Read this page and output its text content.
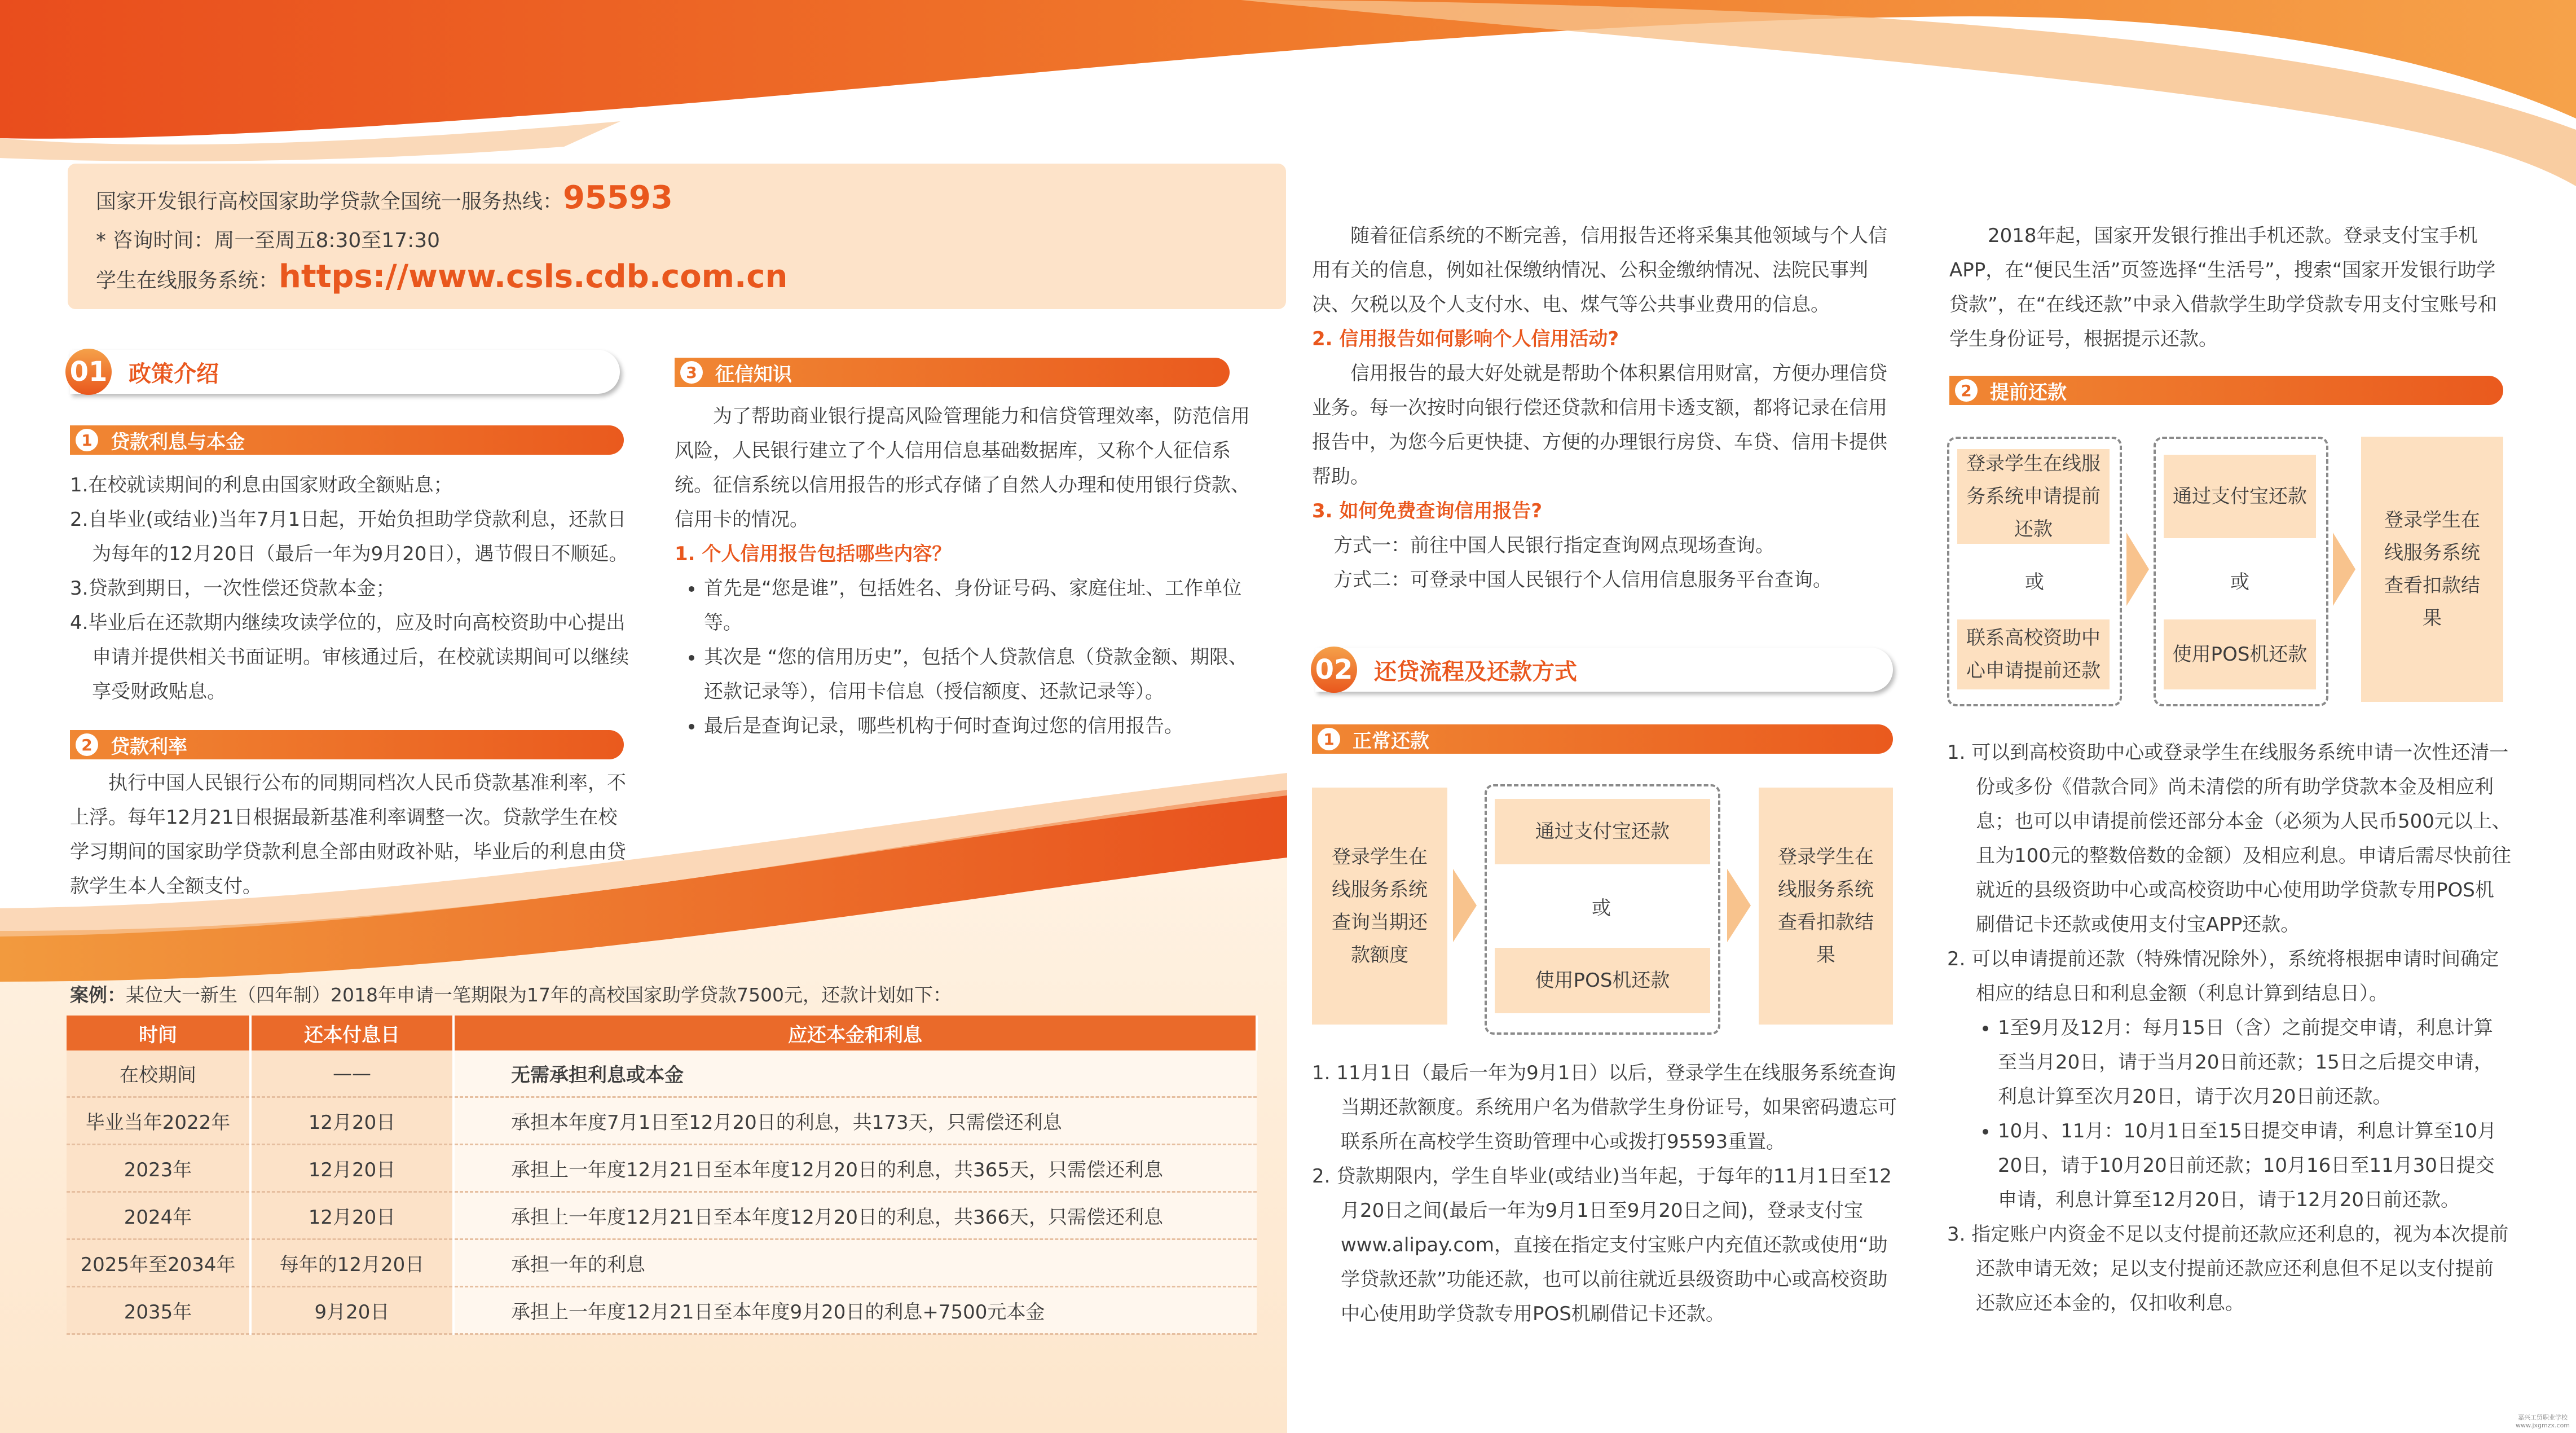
国家开发银行高校国家助学贷款全国统一服务热线：95593
* 咨询时间：周一至周五8:30至17:30
学生在线服务系统：https://www.csls.cdb.com.cn
01 政策介绍
1 贷款利息与本金

1.在校就读期间的利息由国家财政全额贴息；

2.自毕业(或结业)当年7月1日起，开始负担助学贷款利息，还款日为每年的12月20日（最后一年为9月20日），遇节假日不顺延。

3.贷款到期日，一次性偿还贷款本金；

4.毕业后在还款期内继续攻读学位的，应及时向高校资助中心提出申请并提供相关书面证明。审核通过后，在校就读期间可以继续享受财政贴息。

2 贷款利率

执行中国人民银行公布的同期同档次人民币贷款基准利率，不上浮。每年12月21日根据最新基准利率调整一次。贷款学生在校学习期间的国家助学贷款利息全部由财政补贴，毕业后的利息由贷款学生本人全额支付。

3 征信知识

为了帮助商业银行提高风险管理能力和信贷管理效率，防范信用风险，人民银行建立了个人信用信息基础数据库，又称个人征信系统。征信系统以信用报告的形式存储了自然人办理和使用银行贷款、信用卡的情况。

1. 个人信用报告包括哪些内容？

• 首先是“您是谁”，包括姓名、身份证号码、家庭住址、工作单位等。
• 其次是 “您的信用历史”，包括个人贷款信息（贷款金额、期限、还款记录等），信用卡信息（授信额度、还款记录等）。
• 最后是查询记录，哪些机构于何时查询过您的信用报告。

随着征信系统的不断完善，信用报告还将采集其他领域与个人信用有关的信息，例如社保缴纳情况、公积金缴纳情况、法院民事判决、欠税以及个人支付水、电、煤气等公共事业费用的信息。

2. 信用报告如何影响个人信用活动?

信用报告的最大好处就是帮助个体积累信用财富，方便办理信贷业务。每一次按时向银行偿还贷款和信用卡透支额，都将记录在信用报告中，为您今后更快捷、方便的办理银行房贷、车贷、信用卡提供帮助。

3. 如何免费查询信用报告?

方式一：前往中国人民银行指定查询网点现场查询。

方式二：可登录中国人民银行个人信用信息服务平台查询。

案例：某位大一新生（四年制）2018年申请一笔期限为17年的高校国家助学贷款7500元，还款计划如下：
时间	还本付息日	应还本金和利息
在校期间	——	无需承担利息或本金
毕业当年2022年	12月20日	承担本年度7月1日至12月20日的利息，共173天，只需偿还利息
2023年	12月20日	承担上一年度12月21日至本年度12月20日的利息，共365天，只需偿还利息
2024年	12月20日	承担上一年度12月21日至本年度12月20日的利息，共366天，只需偿还利息
2025年至2034年	每年的12月20日	承担一年的利息
2035年	9月20日	承担上一年度12月21日至本年度9月20日的利息+7500元本金
02 还贷流程及还款方式
1 正常还款
登录学生在线服务系统查询当期还款额度
通过支付宝还款
或
使用POS机还款
登录学生在线服务系统查看扣款结果

1. 11月1日（最后一年为9月1日）以后，登录学生在线服务系统查询当期还款额度。系统用户名为借款学生身份证号，如果密码遗忘可联系所在高校学生资助管理中心或拨打95593重置。

2. 贷款期限内，学生自毕业(或结业)当年起，于每年的11月1日至12月20日之间(最后一年为9月1日至9月20日之间)，登录支付宝www.alipay.com，直接在指定支付宝账户内充值还款或使用“助学贷款还款”功能还款，也可以前往就近县级资助中心或高校资助中心使用助学贷款专用POS机刷借记卡还款。

2018年起，国家开发银行推出手机还款。登录支付宝手机APP，在“便民生活”页签选择“生活号”，搜索“国家开发银行助学贷款”，在“在线还款”中录入借款学生助学贷款专用支付宝账号和学生身份证号，根据提示还款。

2 提前还款
登录学生在线服务系统申请提前还款
或
联系高校资助中心申请提前还款
通过支付宝还款
或
使用POS机还款
登录学生在线服务系统查看扣款结果

1. 可以到高校资助中心或登录学生在线服务系统申请一次性还清一份或多份《借款合同》尚未清偿的所有助学贷款本金及相应利息；也可以申请提前偿还部分本金（必须为人民币500元以上、且为100元的整数倍数的金额）及相应利息。申请后需尽快前往就近的县级资助中心或高校资助中心使用助学贷款专用POS机刷借记卡还款或使用支付宝APP还款。

2. 可以申请提前还款（特殊情况除外），系统将根据申请时间确定相应的结息日和利息金额（利息计算到结息日）。

• 1至9月及12月：每月15日（含）之前提交申请，利息计算至当月20日，请于当月20日前还款；15日之后提交申请，利息计算至次月20日，请于次月20日前还款。
• 10月、11月：10月1日至15日提交申请，利息计算至10月20日，请于10月20日前还款；10月16日至11月30日提交申请，利息计算至12月20日，请于12月20日前还款。

3. 指定账户内资金不足以支付提前还款应还利息的，视为本次提前还款申请无效；足以支付提前还款应还利息但不足以支付提前还款应还本金的，仅扣收利息。

嘉兴工贸职业学校
www.jxgmzx.com
